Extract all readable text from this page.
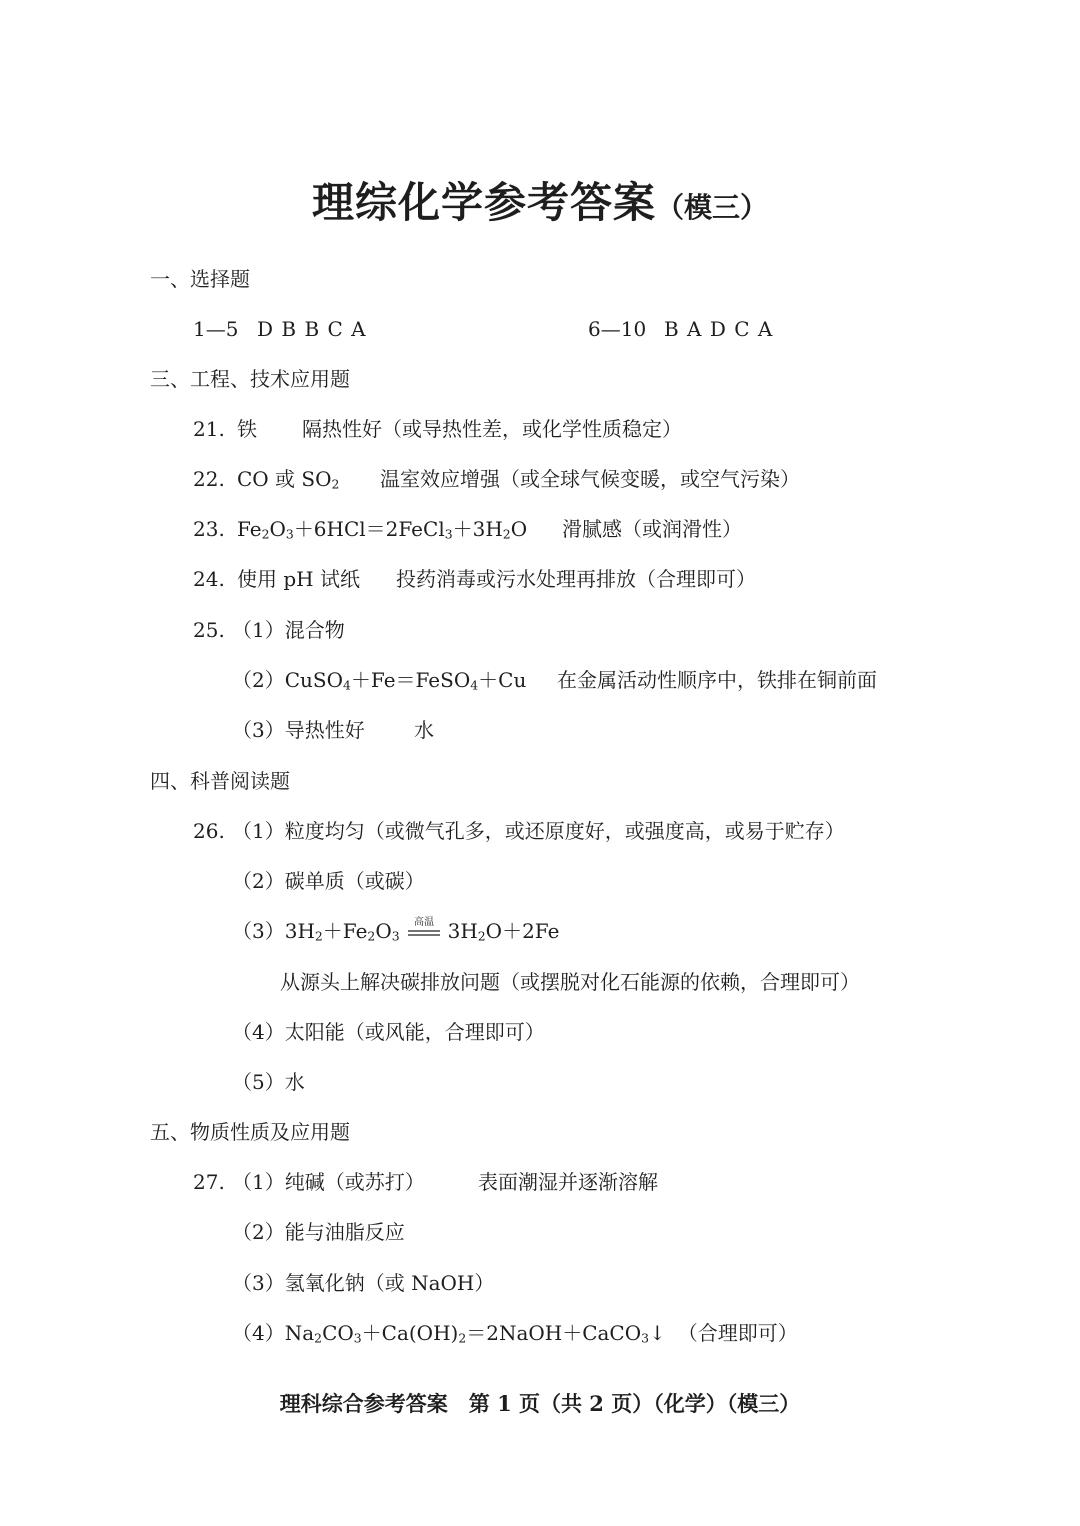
理综化学参考答案（模三）
一、选择题
1—5 D B B C A	6—10 B A D C A
三、工程、技术应用题
21. 铁 隔热性好（或导热性差，或化学性质稳定）
22. CO 或 $SO_2$ 温室效应增强（或全球气候变暖，或空气污染）
23. $Fe_2O_3+6HCl=2FeCl_3+3H_2O$ 滑腻感（或润滑性）
24. 使用 pH 试纸 投药消毒或污水处理再排放（合理即可）
25. （1）混合物
（2）CuSO$_4$＋Fe＝FeSO$_4$＋Cu 在金属活动性顺序中，铁排在铜前面
（3）导热性好 水
四、科普阅读题
26. （1）粒度均匀（或微气孔多，或还原度好，或强度高，或易于贮存）
（2）碳单质（或碳）
$(3)3H_2+Fe_2O_3$
高温 $3H_2O+2Fe$
从源头上解决碳排放问题（或摆脱对化石能源的依赖，合理即可）
（4）太阳能（或风能，合理即可）
（5）水
五、物质性质及应用题
27. （1）纯碱（或苏打）	表面潮湿并逐渐溶解
（2）能与油脂反应
（3）氢氧化钠（或 NaOH）
$(4)Na_2CO_3+Ca(OH)_2=2NaOH+CaCO_3↓$ （合理即可）
理科综合参考答案　第 1 页（共 2 页）（化学）（模三）
